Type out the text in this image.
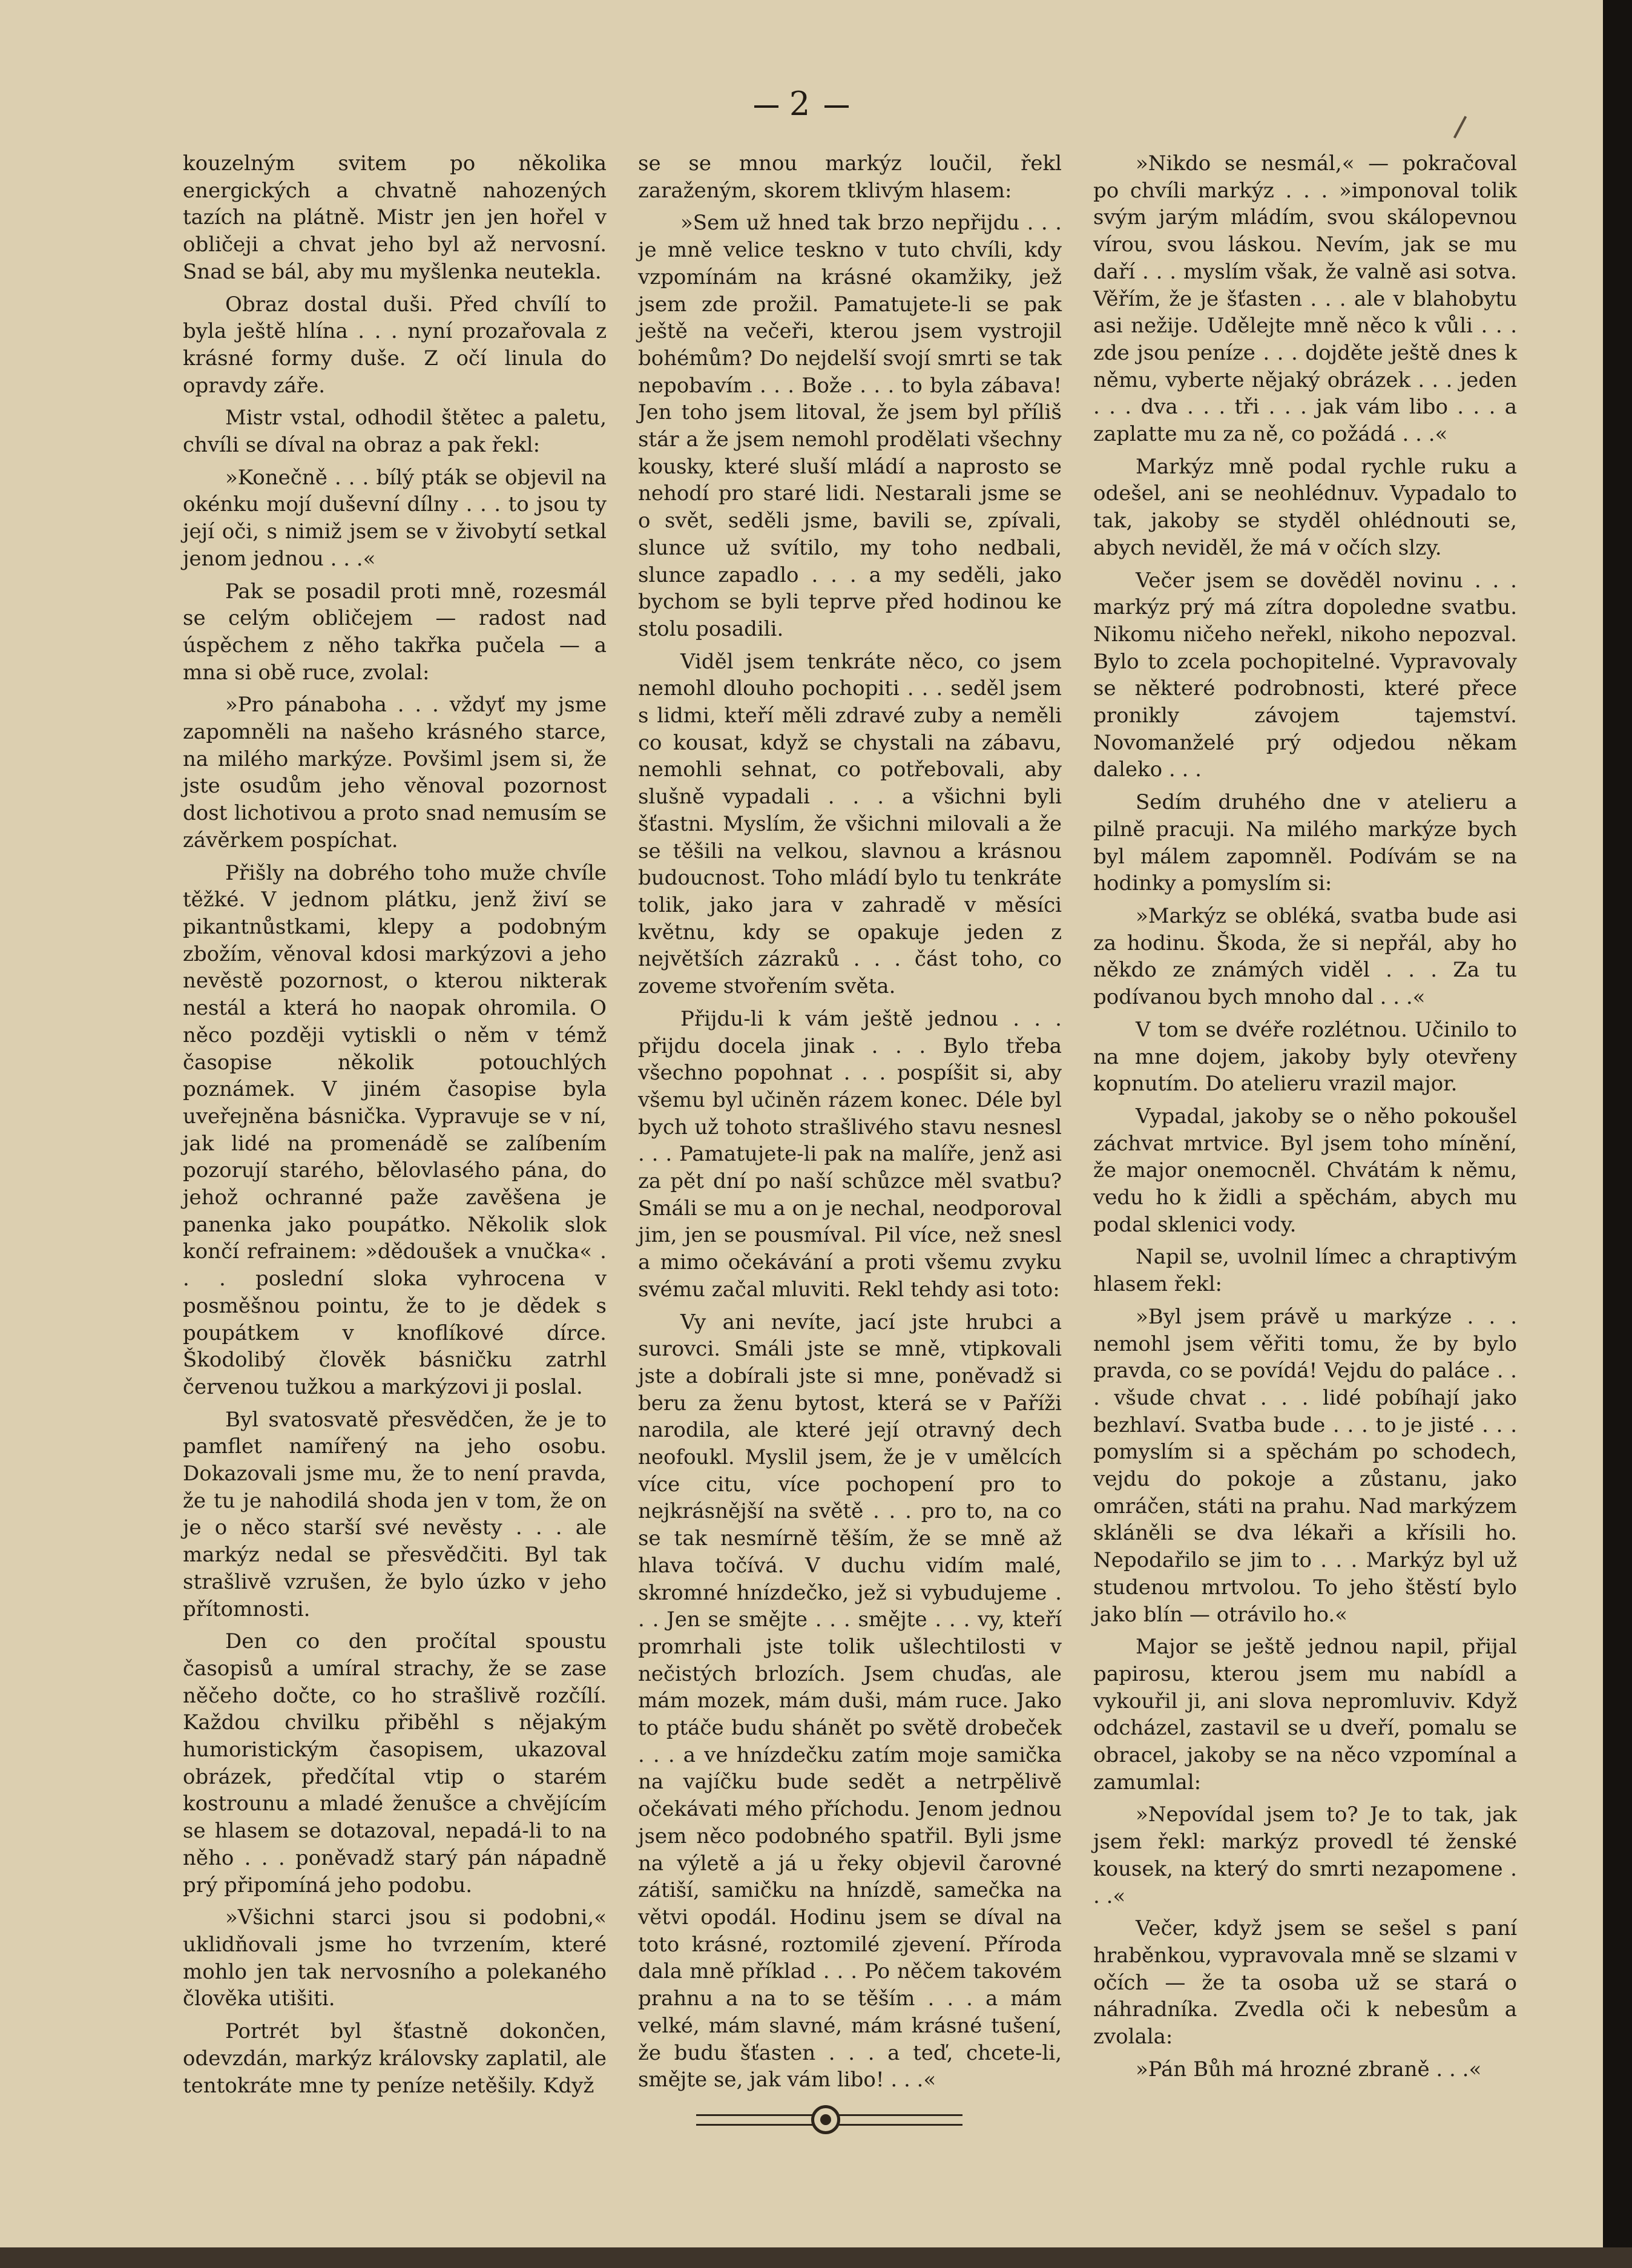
2

kouzelným svitem po několika energických a chvatně nahozených tazích na plátně. Mistr jen jen hořel v obličeji a chvat jeho byl až nervosní. Snad se bál, aby mu myšlenka neutekla.

Obraz dostal duši. Před chvílí to byla ještě hlína . . . nyní prozařovala z krásné formy duše. Z očí linula do opravdy záře.

Mistr vstal, odhodil štětec a paletu, chvíli se díval na obraz a pak řekl:

»Konečně . . . bílý pták se objevil na okénku mojí duševní dílny . . . to jsou ty její oči, s nimiž jsem se v živobytí setkal jenom jednou . . .«

Pak se posadil proti mně, rozesmál se celým obličejem — radost nad úspěchem z něho takřka pučela — a mna si obě ruce, zvolal:

»Pro pánaboha . . . vždyť my jsme zapomněli na našeho krásného starce, na milého markýze. Povšiml jsem si, že jste osudům jeho věnoval pozornost dost lichotivou a proto snad nemusím se závěrkem pospíchat.

Přišly na dobrého toho muže chvíle těžké. V jednom plátku, jenž živí se pikantnůstkami, klepy a podobným zbožím, věnoval kdosi markýzovi a jeho nevěstě pozornost, o kterou nikterak nestál a která ho naopak ohromila. O něco později vytiskli o něm v témž časopise několik potouchlých poznámek. V jiném časopise byla uveřejněna básnička. Vypravuje se v ní, jak lidé na promenádě se zalíbením pozorují starého, bělovlasého pána, do jehož ochranné paže zavěšena je panenka jako poupátko. Několik slok končí refrainem: »dědoušek a vnučka« . . . poslední sloka vyhrocena v posměšnou pointu, že to je dědek s poupátkem v knoflíkové dírce. Škodolibý člověk básničku zatrhl červenou tužkou a markýzovi ji poslal.

Byl svatosvatě přesvědčen, že je to pamflet namířený na jeho osobu. Dokazovali jsme mu, že to není pravda, že tu je nahodilá shoda jen v tom, že on je o něco starší své nevěsty . . . ale markýz nedal se přesvědčiti. Byl tak strašlivě vzrušen, že bylo úzko v jeho přítomnosti.

Den co den pročítal spoustu časopisů a umíral strachy, že se zase něčeho dočte, co ho strašlivě rozčílí. Každou chvilku přiběhl s nějakým humoristickým časopisem, ukazoval obrázek, předčítal vtip o starém kostrounu a mladé ženušce a chvějícím se hlasem se dotazoval, nepadá-li to na něho . . . poněvadž starý pán nápadně prý připomíná jeho podobu.

»Všichni starci jsou si podobni,« uklidňovali jsme ho tvrzením, které mohlo jen tak nervosního a polekaného člověka utišiti.

Portrét byl šťastně dokončen, odevzdán, markýz královsky zaplatil, ale tentokráte mne ty peníze netěšily. Když

se se mnou markýz loučil, řekl zaraženým, skorem tklivým hlasem:

»Sem už hned tak brzo nepřijdu . . . je mně velice teskno v tuto chvíli, kdy vzpomínám na krásné okamžiky, jež jsem zde prožil. Pamatujete-li se pak ještě na večeři, kterou jsem vystrojil bohémům? Do nejdelší svojí smrti se tak nepobavím . . . Bože . . . to byla zábava! Jen toho jsem litoval, že jsem byl příliš stár a že jsem nemohl prodělati všechny kousky, které sluší mládí a naprosto se nehodí pro staré lidi. Nestarali jsme se o svět, seděli jsme, bavili se, zpívali, slunce už svítilo, my toho nedbali, slunce zapadlo . . . a my seděli, jako bychom se byli teprve před hodinou ke stolu posadili.

Viděl jsem tenkráte něco, co jsem nemohl dlouho pochopiti . . . seděl jsem s lidmi, kteří měli zdravé zuby a neměli co kousat, když se chystali na zábavu, nemohli sehnat, co potřebovali, aby slušně vypadali . . . a všichni byli šťastni. Myslím, že všichni milovali a že se těšili na velkou, slavnou a krásnou budoucnost. Toho mládí bylo tu tenkráte tolik, jako jara v zahradě v měsíci květnu, kdy se opakuje jeden z největších zázraků . . . část toho, co zoveme stvořením světa.

Přijdu-li k vám ještě jednou . . . přijdu docela jinak . . . Bylo třeba všechno popohnat . . . pospíšit si, aby všemu byl učiněn rázem konec. Déle byl bych už tohoto strašlivého stavu nesnesl . . . Pamatujete-li pak na malíře, jenž asi za pět dní po naší schůzce měl svatbu? Smáli se mu a on je nechal, neodporoval jim, jen se pousmíval. Pil více, než snesl a mimo očekávání a proti všemu zvyku svému začal mluviti. Rekl tehdy asi toto:

Vy ani nevíte, jací jste hrubci a surovci. Smáli jste se mně, vtipkovali jste a dobírali jste si mne, poněvadž si beru za ženu bytost, která se v Paříži narodila, ale které její otravný dech neofoukl. Myslil jsem, že je v umělcích více citu, více pochopení pro to nejkrásnější na světě . . . pro to, na co se tak nesmírně těším, že se mně až hlava točívá. V duchu vidím malé, skromné hnízdečko, jež si vybudujeme . . . Jen se smějte . . . smějte . . . vy, kteří promrhali jste tolik ušlechtilosti v nečistých brlozích. Jsem chuďas, ale mám mozek, mám duši, mám ruce. Jako to ptáče budu shánět po světě drobeček . . . a ve hnízdečku zatím moje samička na vajíčku bude sedět a netrpělivě očekávati mého příchodu. Jenom jednou jsem něco podobného spatřil. Byli jsme na výletě a já u řeky objevil čarovné zátiší, samičku na hnízdě, samečka na větvi opodál. Hodinu jsem se díval na toto krásné, roztomilé zjevení. Příroda dala mně příklad . . . Po něčem takovém prahnu a na to se těším . . . a mám velké, mám slavné, mám krásné tušení, že budu šťasten . . . a teď, chcete-li, smějte se, jak vám libo! . . .«

»Nikdo se nesmál,« — pokračoval po chvíli markýz . . . »imponoval tolik svým jarým mládím, svou skálopevnou vírou, svou láskou. Nevím, jak se mu daří . . . myslím však, že valně asi sotva. Věřím, že je šťasten . . . ale v blahobytu asi nežije. Udělejte mně něco k vůli . . . zde jsou peníze . . . dojděte ještě dnes k němu, vyberte nějaký obrázek . . . jeden . . . dva . . . tři . . . jak vám libo . . . a zaplatte mu za ně, co požádá . . .«

Markýz mně podal rychle ruku a odešel, ani se neohlédnuv. Vypadalo to tak, jakoby se styděl ohlédnouti se, abych neviděl, že má v očích slzy.

Večer jsem se dověděl novinu . . . markýz prý má zítra dopoledne svatbu. Nikomu ničeho neřekl, nikoho nepozval. Bylo to zcela pochopitelné. Vypravovaly se některé podrobnosti, které přece pronikly závojem tajemství. Novomanželé prý odjedou někam daleko . . .

Sedím druhého dne v atelieru a pilně pracuji. Na milého markýze bych byl málem zapomněl. Podívám se na hodinky a pomyslím si:

»Markýz se obléká, svatba bude asi za hodinu. Škoda, že si nepřál, aby ho někdo ze známých viděl . . . Za tu podívanou bych mnoho dal . . .«

V tom se dvéře rozlétnou. Učinilo to na mne dojem, jakoby byly otevřeny kopnutím. Do atelieru vrazil major.

Vypadal, jakoby se o něho pokoušel záchvat mrtvice. Byl jsem toho mínění, že major onemocněl. Chvátám k němu, vedu ho k židli a spěchám, abych mu podal sklenici vody.

Napil se, uvolnil límec a chraptivým hlasem řekl:

»Byl jsem právě u markýze . . . nemohl jsem věřiti tomu, že by bylo pravda, co se povídá! Vejdu do paláce . . . všude chvat . . . lidé pobíhají jako bezhlaví. Svatba bude . . . to je jisté . . . pomyslím si a spěchám po schodech, vejdu do pokoje a zůstanu, jako omráčen, státi na prahu. Nad markýzem skláněli se dva lékaři a křísili ho. Nepodařilo se jim to . . . Markýz byl už studenou mrtvolou. To jeho štěstí bylo jako blín — otrávilo ho.«

Major se ještě jednou napil, přijal papirosu, kterou jsem mu nabídl a vykouřil ji, ani slova nepromluviv. Když odcházel, zastavil se u dveří, pomalu se obracel, jakoby se na něco vzpomínal a zamumlal:

»Nepovídal jsem to? Je to tak, jak jsem řekl: markýz provedl té ženské kousek, na který do smrti nezapomene . . .«

Večer, když jsem se sešel s paní hraběnkou, vypravovala mně se slzami v očích — že ta osoba už se stará o náhradníka. Zvedla oči k nebesům a zvolala:

»Pán Bůh má hrozné zbraně . . .«
